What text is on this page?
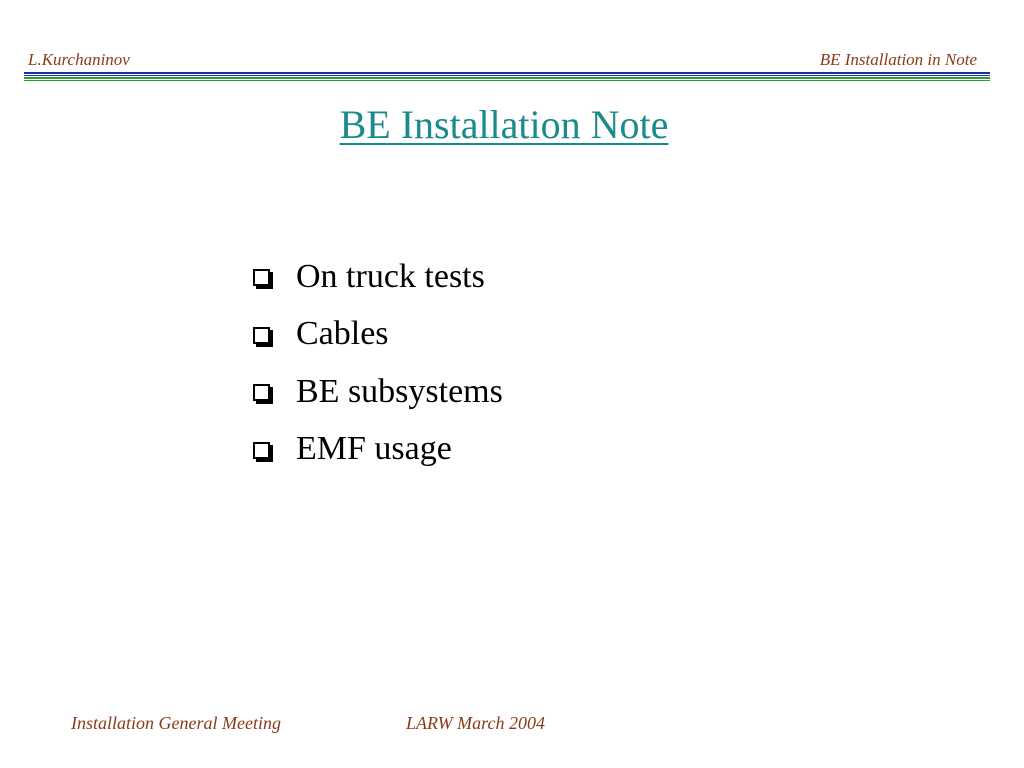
L.Kurchaninov	BE Installation in Note
BE Installation Note
On truck tests
Cables
BE subsystems
EMF usage
Installation General Meeting	LARW March 2004
